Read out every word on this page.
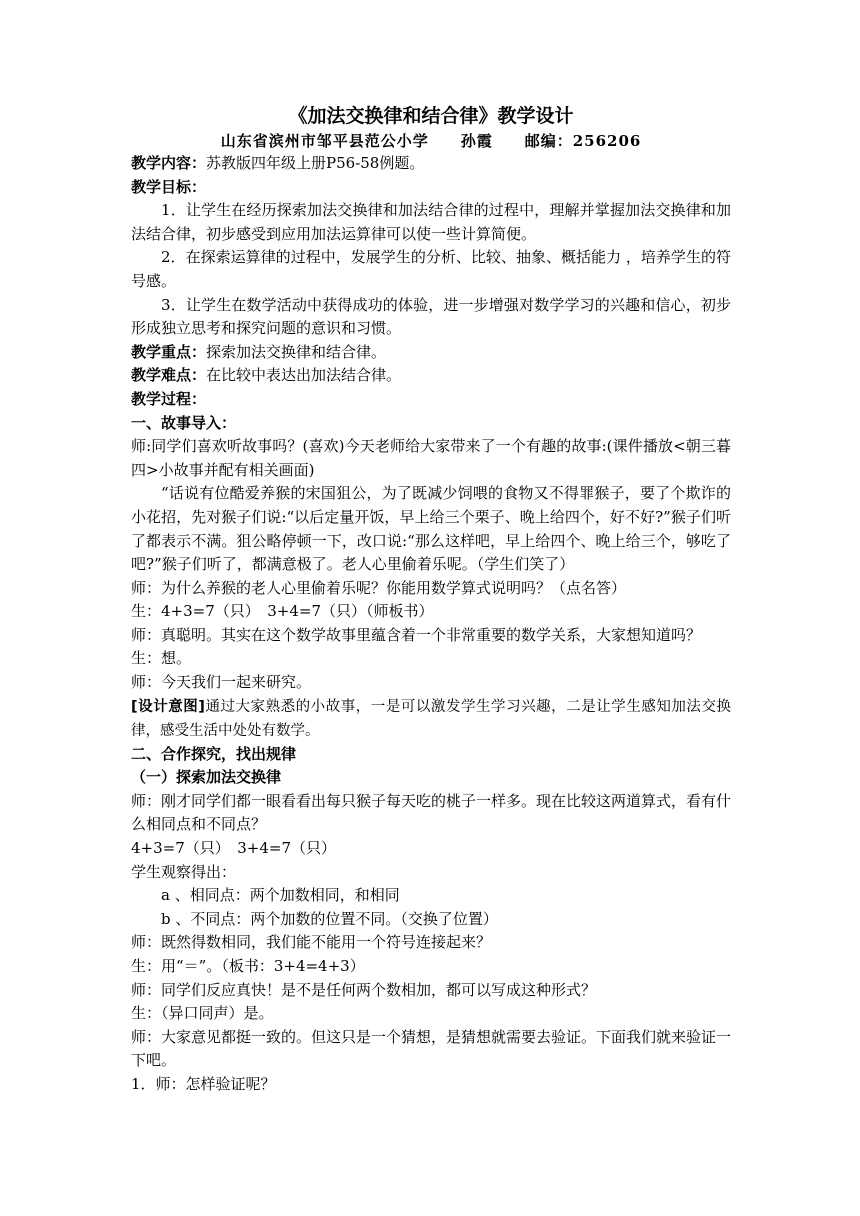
《加法交换律和结合律》教学设计
山东省滨州市邹平县范公小学　　孙霞　　邮编：256206

教学内容：苏教版四年级上册P56-58例题。

教学目标：

1．让学生在经历探索加法交换律和加法结合律的过程中，理解并掌握加法交换律和加法结合律，初步感受到应用加法运算律可以使一些计算简便。

2．在探索运算律的过程中，发展学生的分析、比较、抽象、概括能力 ，培养学生的符号感。

3．让学生在数学活动中获得成功的体验，进一步增强对数学学习的兴趣和信心，初步形成独立思考和探究问题的意识和习惯。

教学重点：探索加法交换律和结合律。

教学难点：在比较中表达出加法结合律。

教学过程：

一、故事导入：

师:同学们喜欢听故事吗？(喜欢)今天老师给大家带来了一个有趣的故事:(课件播放<朝三暮四>小故事并配有相关画面)

“话说有位酷爱养猴的宋国狙公，为了既减少饲喂的食物又不得罪猴子，要了个欺诈的小花招，先对猴子们说:“以后定量开饭，早上给三个栗子、晚上给四个，好不好?”猴子们听了都表示不满。狙公略停顿一下，改口说:“那么这样吧，早上给四个、晚上给三个，够吃了吧?”猴子们听了，都满意极了。老人心里偷着乐呢。（学生们笑了）

师：为什么养猴的老人心里偷着乐呢？你能用数学算式说明吗？（点名答）

生：4+3=7（只）　3+4=7（只）（师板书）

师：真聪明。其实在这个数学故事里蕴含着一个非常重要的数学关系，大家想知道吗？

生：想。

师：今天我们一起来研究。

[设计意图]通过大家熟悉的小故事，一是可以激发学生学习兴趣，二是让学生感知加法交换律，感受生活中处处有数学。

二、合作探究，找出规律

（一）探索加法交换律

师：刚才同学们都一眼看看出每只猴子每天吃的桃子一样多。现在比较这两道算式，看有什么相同点和不同点？

4+3=7（只）　3+4=7（只）

学生观察得出：

a 、相同点：两个加数相同，和相同

b 、不同点：两个加数的位置不同。（交换了位置）

师：既然得数相同，我们能不能用一个符号连接起来？

生：用“＝”。（板书：3+4=4+3）

师：同学们反应真快！是不是任何两个数相加，都可以写成这种形式？

生：（异口同声）是。

师：大家意见都挺一致的。但这只是一个猜想，是猜想就需要去验证。下面我们就来验证一下吧。

1．师：怎样验证呢？
